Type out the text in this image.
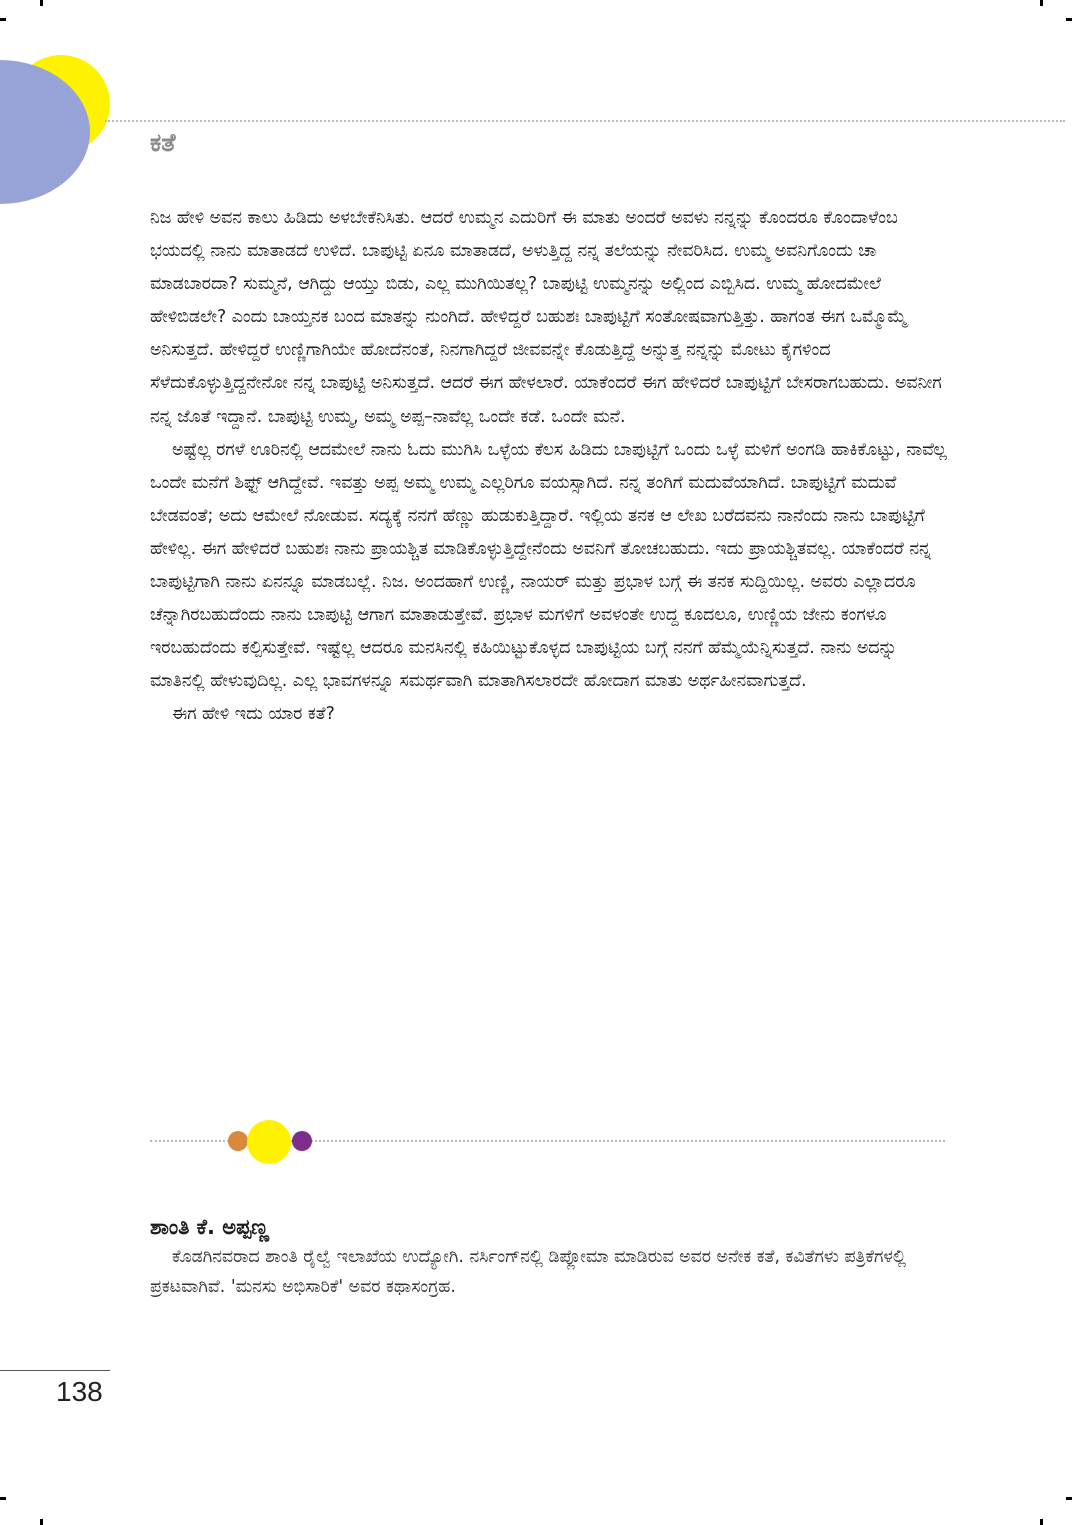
ಕತೆ

ನಿಜ ಹೇಳಿ ಅವನ ಕಾಲು ಹಿಡಿದು ಅಳಬೇಕೆನಿಸಿತು. ಆದರೆ ಉಮ್ಮನ ಎದುರಿಗೆ ಈ ಮಾತು ಅಂದರೆ ಅವಳು ನನ್ನನ್ನು ಕೊಂದರೂ ಕೊಂದಾಳೆಂಬ ಭಯದಲ್ಲಿ ನಾನು ಮಾತಾಡದೆ ಉಳಿದೆ. ಬಾಪುಟ್ಟಿ ಏನೂ ಮಾತಾಡದೆ, ಅಳುತ್ತಿದ್ದ ನನ್ನ ತಲೆಯನ್ನು ನೇವರಿಸಿದ. ಉಮ್ಮ ಅವನಿಗೊಂದು ಚಾ ಮಾಡಬಾರದಾ? ಸುಮ್ಮನೆ, ಆಗಿದ್ದು ಆಯ್ತು ಬಿಡು, ಎಲ್ಲ ಮುಗಿಯಿತಲ್ಲ? ಬಾಪುಟ್ಟಿ ಉಮ್ಮನನ್ನು ಅಲ್ಲಿಂದ ಎಬ್ಬಿಸಿದ. ಉಮ್ಮ ಹೋದಮೇಲೆ ಹೇಳಿಬಿಡಲೇ? ಎಂದು ಬಾಯ್ತನಕ ಬಂದ ಮಾತನ್ನು ನುಂಗಿದೆ. ಹೇಳಿದ್ದರೆ ಬಹುಶಃ ಬಾಪುಟ್ಟಿಗೆ ಸಂತೋಷವಾಗುತ್ತಿತ್ತು. ಹಾಗಂತ ಈಗ ಒಮ್ಮೊಮ್ಮೆ ಅನಿಸುತ್ತದೆ. ಹೇಳಿದ್ದರೆ ಉಣ್ಣಿಗಾಗಿಯೇ ಹೋದೆನಂತೆ, ನಿನಗಾಗಿದ್ದರೆ ಜೀವವನ್ನೇ ಕೊಡುತ್ತಿದ್ದೆ ಅನ್ನುತ್ತ ನನ್ನನ್ನು ಮೋಟು ಕೈಗಳಿಂದ ಸೆಳೆದುಕೊಳ್ಳುತ್ತಿದ್ದನೇನೋ ನನ್ನ ಬಾಪುಟ್ಟಿ ಅನಿಸುತ್ತದೆ. ಆದರೆ ಈಗ ಹೇಳಲಾರೆ. ಯಾಕೆಂದರೆ ಈಗ ಹೇಳಿದರೆ ಬಾಪುಟ್ಟಿಗೆ ಬೇಸರಾಗಬಹುದು. ಅವನೀಗ ನನ್ನ ಜೊತೆ ಇದ್ದಾನೆ. ಬಾಪುಟ್ಟಿ ಉಮ್ಮ, ಅಮ್ಮ ಅಪ್ಪ–ನಾವೆಲ್ಲ ಒಂದೇ ಕಡೆ. ಒಂದೇ ಮನೆ.

ಅಷ್ಟೆಲ್ಲ ರಗಳೆ ಊರಿನಲ್ಲಿ ಆದಮೇಲೆ ನಾನು ಓದು ಮುಗಿಸಿ ಒಳ್ಳೆಯ ಕೆಲಸ ಹಿಡಿದು ಬಾಪುಟ್ಟಿಗೆ ಒಂದು ಒಳ್ಳೆ ಮಳಿಗೆ ಅಂಗಡಿ ಹಾಕಿಕೊಟ್ಟು, ನಾವೆಲ್ಲ ಒಂದೇ ಮನೆಗೆ ಶಿಫ್ಟ್ ಆಗಿದ್ದೇವೆ. ಇವತ್ತು ಅಪ್ಪ ಅಮ್ಮ ಉಮ್ಮ ಎಲ್ಲರಿಗೂ ವಯಸ್ಸಾಗಿದೆ. ನನ್ನ ತಂಗಿಗೆ ಮದುವೆಯಾಗಿದೆ. ಬಾಪುಟ್ಟಿಗೆ ಮದುವೆ ಬೇಡವಂತೆ; ಅದು ಆಮೇಲೆ ನೋಡುವ. ಸದ್ಯಕ್ಕೆ ನನಗೆ ಹೆಣ್ಣು ಹುಡುಕುತ್ತಿದ್ದಾರೆ. ಇಲ್ಲಿಯ ತನಕ ಆ ಲೇಖ ಬರೆದವನು ನಾನೆಂದು ನಾನು ಬಾಪುಟ್ಟಿಗೆ ಹೇಳಿಲ್ಲ. ಈಗ ಹೇಳಿದರೆ ಬಹುಶಃ ನಾನು ಪ್ರಾಯಶ್ಚಿತ ಮಾಡಿಕೊಳ್ಳುತ್ತಿದ್ದೇನೆಂದು ಅವನಿಗೆ ತೋಚಬಹುದು. ಇದು ಪ್ರಾಯಶ್ಚಿತವಲ್ಲ. ಯಾಕೆಂದರೆ ನನ್ನ ಬಾಪುಟ್ಟಿಗಾಗಿ ನಾನು ಏನನ್ನೂ ಮಾಡಬಲ್ಲೆ. ನಿಜ. ಅಂದಹಾಗೆ ಉಣ್ಣಿ, ನಾಯರ್ ಮತ್ತು ಪ್ರಭಾಳ ಬಗ್ಗೆ ಈ ತನಕ ಸುದ್ದಿಯಿಲ್ಲ. ಅವರು ಎಲ್ಲಾದರೂ ಚೆನ್ನಾಗಿರಬಹುದೆಂದು ನಾನು ಬಾಪುಟ್ಟಿ ಆಗಾಗ ಮಾತಾಡುತ್ತೇವೆ. ಪ್ರಭಾಳ ಮಗಳಿಗೆ ಅವಳಂತೇ ಉದ್ದ ಕೂದಲೂ, ಉಣ್ಣಿಯ ಜೇನು ಕಂಗಳೂ ಇರಬಹುದೆಂದು ಕಲ್ಪಿಸುತ್ತೇವೆ. ಇಷ್ಟೆಲ್ಲ ಆದರೂ ಮನಸಿನಲ್ಲಿ ಕಹಿಯಿಟ್ಟುಕೊಳ್ಳದ ಬಾಪುಟ್ಟಿಯ ಬಗ್ಗೆ ನನಗೆ ಹೆಮ್ಮೆಯೆನ್ನಿಸುತ್ತದೆ. ನಾನು ಅದನ್ನು ಮಾತಿನಲ್ಲಿ ಹೇಳುವುದಿಲ್ಲ. ಎಲ್ಲ ಭಾವಗಳನ್ನೂ ಸಮರ್ಥವಾಗಿ ಮಾತಾಗಿಸಲಾರದೇ ಹೋದಾಗ ಮಾತು ಅರ್ಥಹೀನವಾಗುತ್ತದೆ.

ಈಗ ಹೇಳಿ ಇದು ಯಾರ ಕತೆ?

ಶಾಂತಿ ಕೆ. ಅಪ್ಪಣ್ಣ

ಕೊಡಗಿನವರಾದ ಶಾಂತಿ ರೈಲ್ವೆ ಇಲಾಖೆಯ ಉದ್ಯೋಗಿ. ನರ್ಸಿಂಗ್‌ನಲ್ಲಿ ಡಿಪ್ಲೋಮಾ ಮಾಡಿರುವ ಅವರ ಅನೇಕ ಕತೆ, ಕವಿತೆಗಳು ಪತ್ರಿಕೆಗಳಲ್ಲಿ ಪ್ರಕಟವಾಗಿವೆ. 'ಮನಸು ಅಭಿಸಾರಿಕೆ' ಅವರ ಕಥಾಸಂಗ್ರಹ.

138
